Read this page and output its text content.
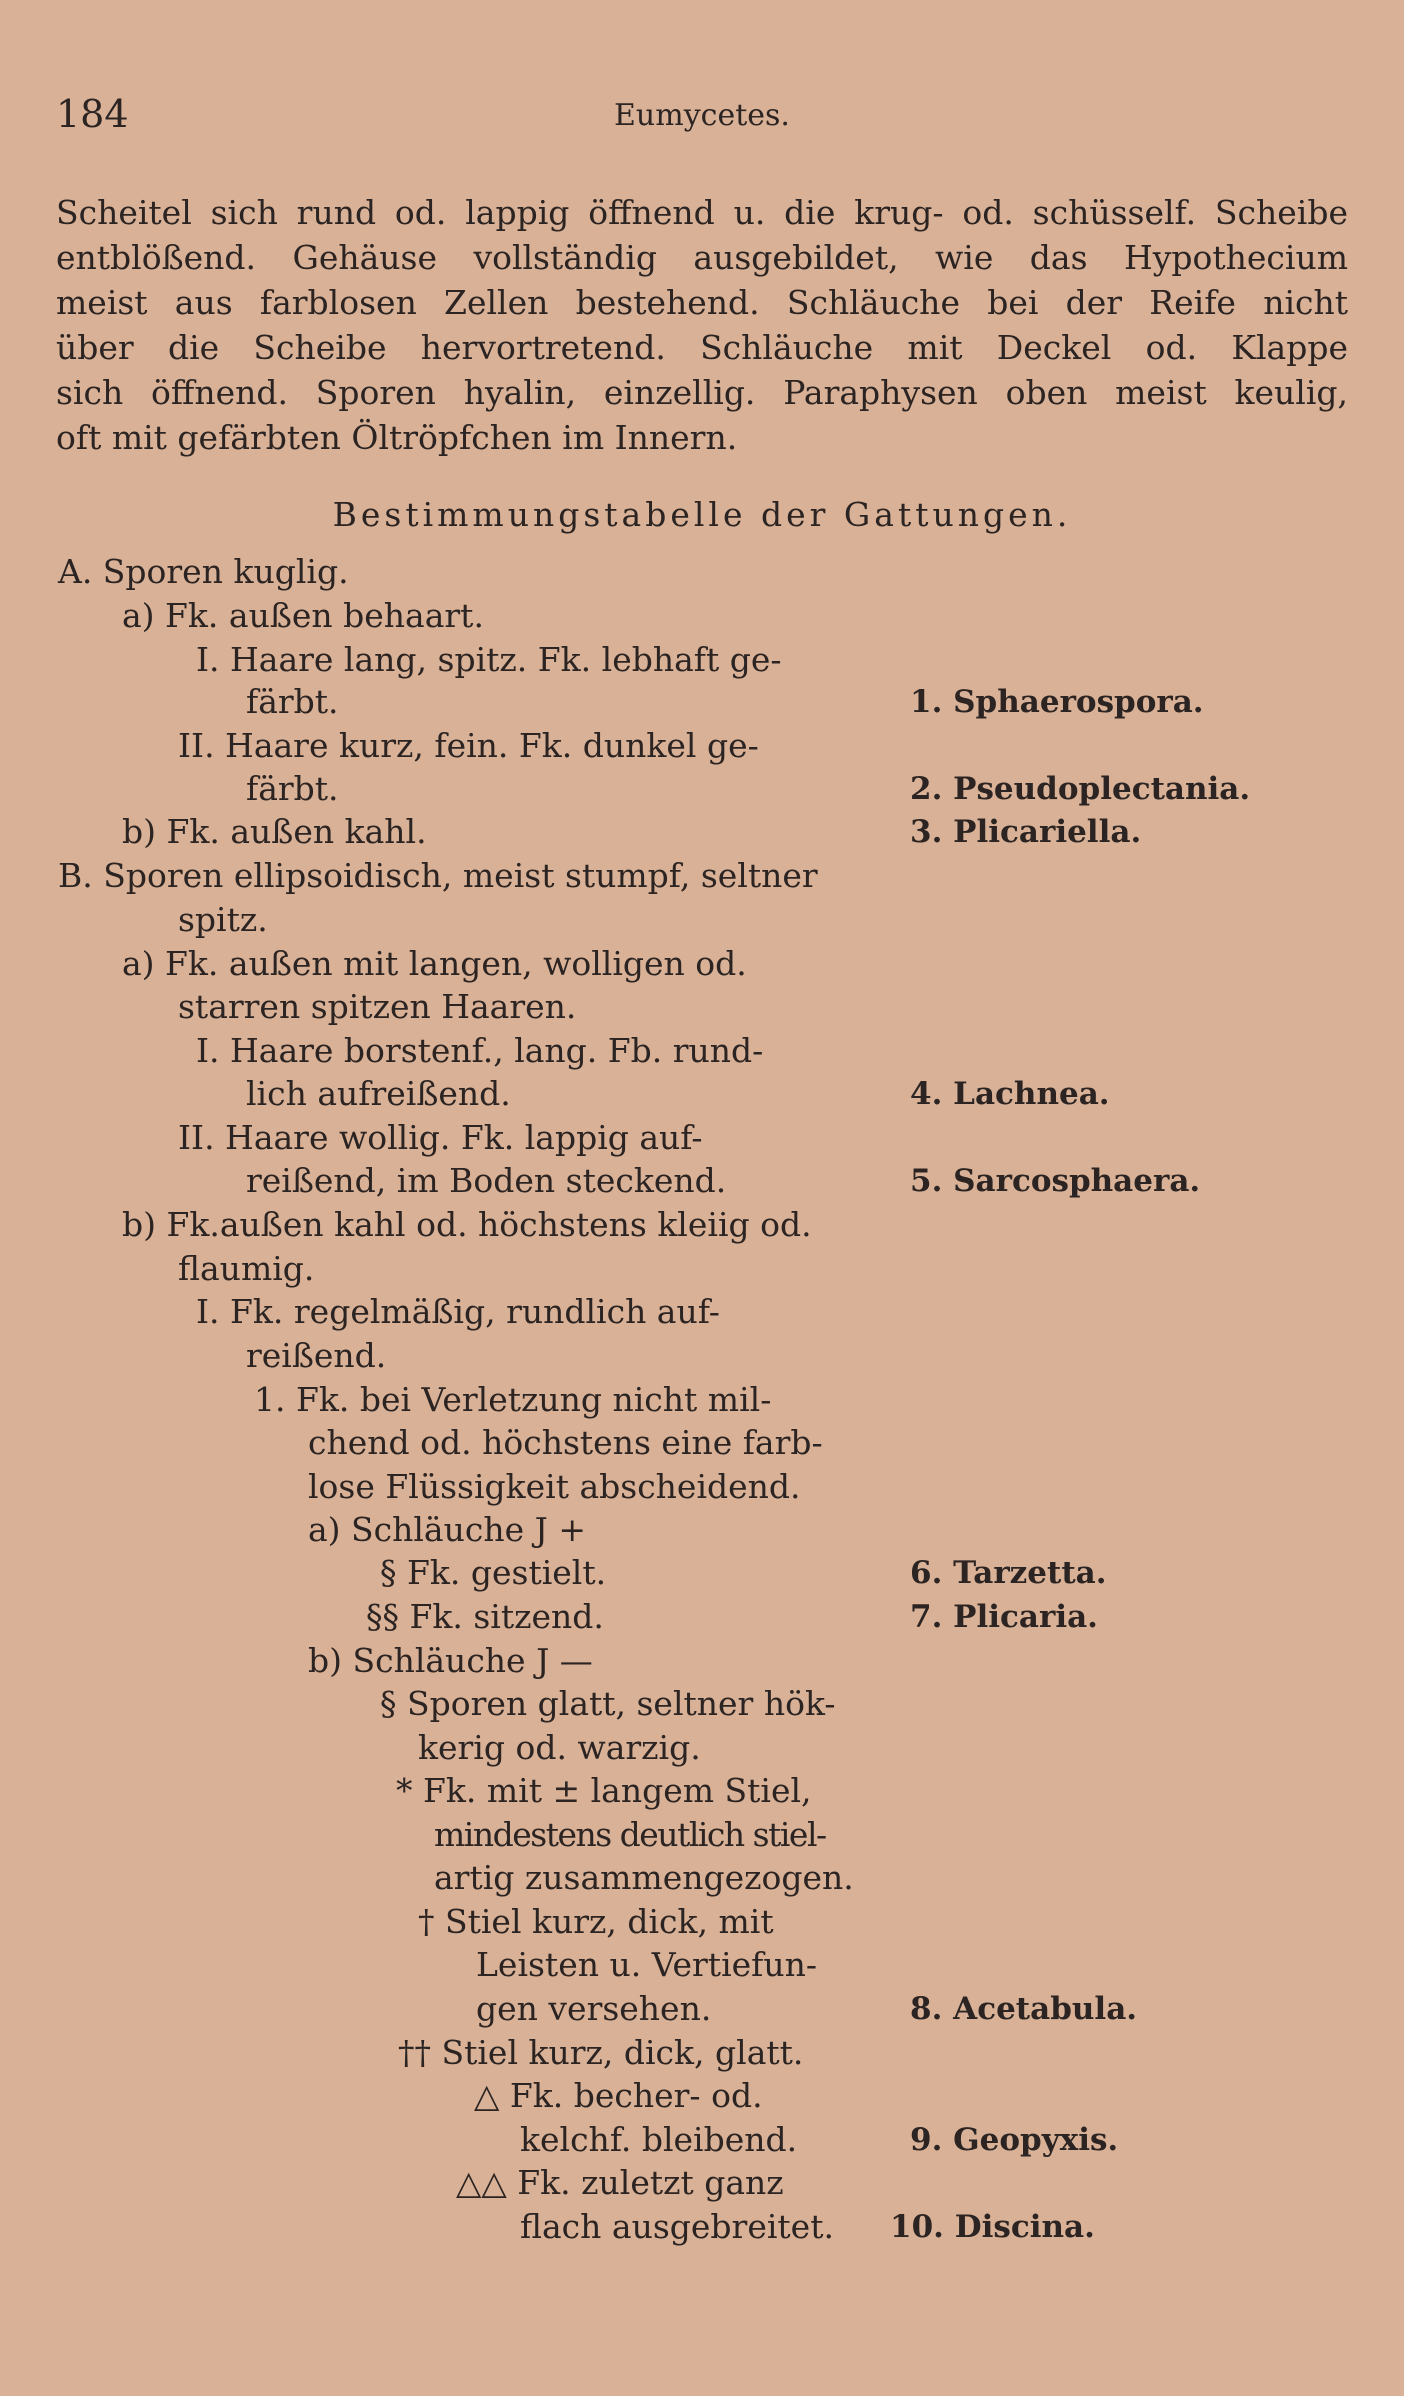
184	Eumycetes.
Scheitel sich rund od. lappig öffnend u. die krug- od. schüsself. Scheibe
entblößend. Gehäuse vollständig ausgebildet, wie das Hypothecium
meist aus farblosen Zellen bestehend. Schläuche bei der Reife nicht
über die Scheibe hervortretend. Schläuche mit Deckel od. Klappe
sich öffnend. Sporen hyalin, einzellig. Paraphysen oben meist keulig,
oft mit gefärbten Öltröpfchen im Innern.
Bestimmungstabelle der Gattungen.
A. Sporen kuglig.
a) Fk. außen behaart.
I. Haare lang, spitz. Fk. lebhaft ge-
färbt.
II. Haare kurz, fein. Fk. dunkel ge-
färbt.
b) Fk. außen kahl.
B. Sporen ellipsoidisch, meist stumpf, seltner
spitz.
a) Fk. außen mit langen, wolligen od.
starren spitzen Haaren.
I. Haare borstenf., lang. Fb. rund-
lich aufreißend.
II. Haare wollig. Fk. lappig auf-
reißend, im Boden steckend.
b) Fk.außen kahl od. höchstens kleiig od.
flaumig.
I. Fk. regelmäßig, rundlich auf-
reißend.
1. Fk. bei Verletzung nicht mil-
chend od. höchstens eine farb-
lose Flüssigkeit abscheidend.
a) Schläuche J +
§ Fk. gestielt.
§§ Fk. sitzend.
b) Schläuche J —
§ Sporen glatt, seltner hök-
kerig od. warzig.
* Fk. mit ± langem Stiel,
mindestens deutlich stiel-
artig zusammengezogen.
† Stiel kurz, dick, mit
Leisten u. Vertiefun-
gen versehen.
†† Stiel kurz, dick, glatt.
△ Fk. becher- od.
kelchf. bleibend.
△△ Fk. zuletzt ganz
flach ausgebreitet.
1. Sphaerospora.
2. Pseudoplectania.
3. Plicariella.
4. Lachnea.
5. Sarcosphaera.
6. Tarzetta.
7. Plicaria.
8. Acetabula.
9. Geopyxis.
10. Discina.
